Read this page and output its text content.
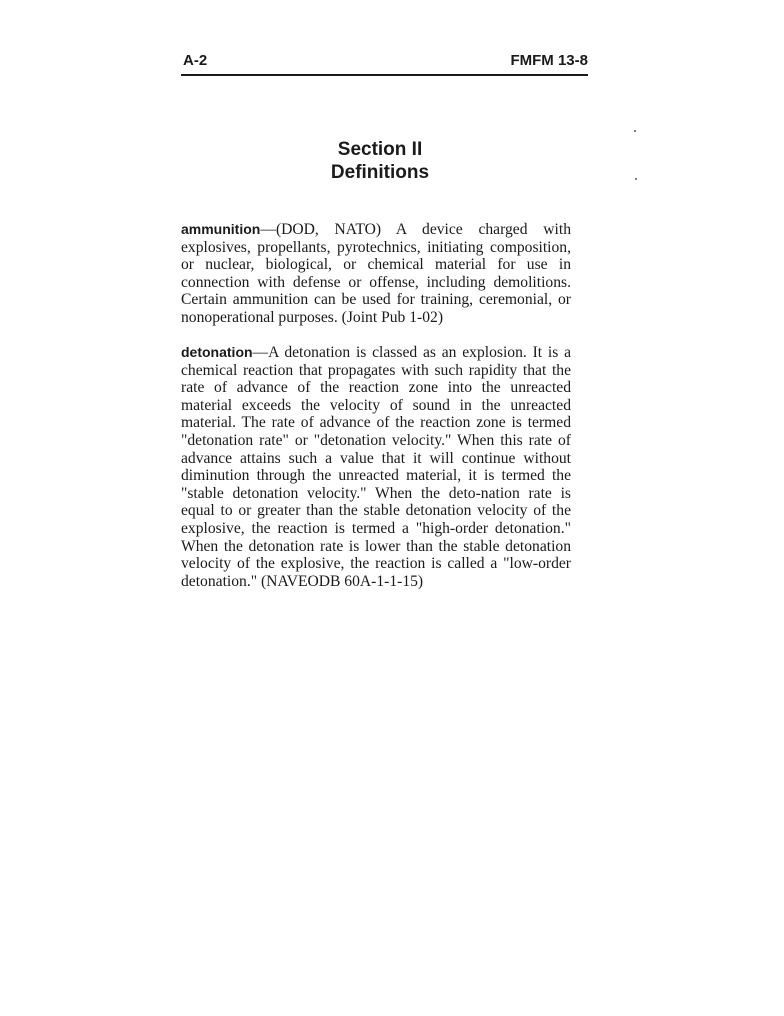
A-2	FMFM 13-8
Section II
Definitions

ammunition—(DOD, NATO) A device charged with explosives, propellants, pyrotechnics, initiating composition, or nuclear, biological, or chemical material for use in connection with defense or offense, including demolitions. Certain ammunition can be used for training, ceremonial, or nonoperational purposes. (Joint Pub 1-02)

detonation—A detonation is classed as an explosion. It is a chemical reaction that propagates with such rapidity that the rate of advance of the reaction zone into the unreacted material exceeds the velocity of sound in the unreacted material. The rate of advance of the reaction zone is termed "detonation rate" or "detonation velocity." When this rate of advance attains such a value that it will continue without diminution through the unreacted material, it is termed the "stable detonation velocity." When the deto-nation rate is equal to or greater than the stable detonation velocity of the explosive, the reaction is termed a "high-order detonation." When the detonation rate is lower than the stable detonation velocity of the explosive, the reaction is called a "low-order detonation." (NAVEODB 60A-1-1-15)
